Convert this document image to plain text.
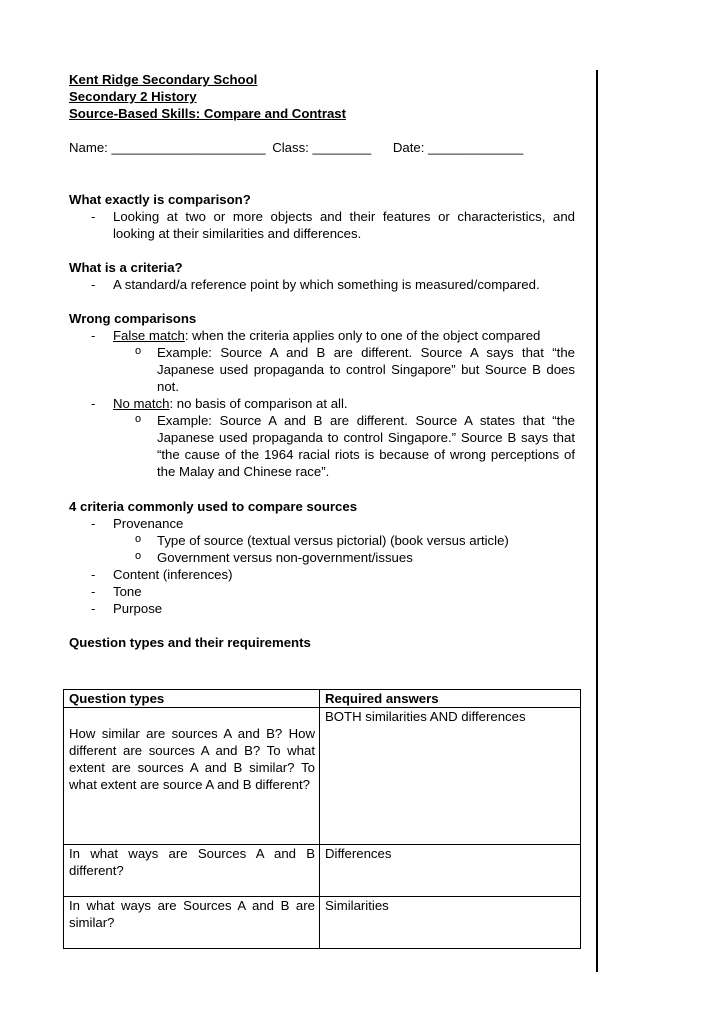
Kent Ridge Secondary School
Secondary 2 History
Source-Based Skills: Compare and Contrast
Name: _____________________ Class: ________ Date: _____________
What exactly is comparison?
- Looking at two or more objects and their features or characteristics, and looking at their similarities and differences.
What is a criteria?
- A standard/a reference point by which something is measured/compared.
Wrong comparisons
- False match: when the criteria applies only to one of the object compared
o Example: Source A and B are different. Source A says that “the Japanese used propaganda to control Singapore” but Source B does not.
- No match: no basis of comparison at all.
o Example: Source A and B are different. Source A states that “the Japanese used propaganda to control Singapore.” Source B says that “the cause of the 1964 racial riots is because of wrong perceptions of the Malay and Chinese race”.
4 criteria commonly used to compare sources
- Provenance
o Type of source (textual versus pictorial) (book versus article)
o Government versus non-government/issues
- Content (inferences)
- Tone
- Purpose
Question types and their requirements
Question types	Required answers

How similar are sources A and B? How different are sources A and B? To what extent are sources A and B similar? To what extent are source A and B different?	BOTH similarities AND differences
In what ways are Sources A and B different?	Differences
In what ways are Sources A and B are similar?	Similarities
